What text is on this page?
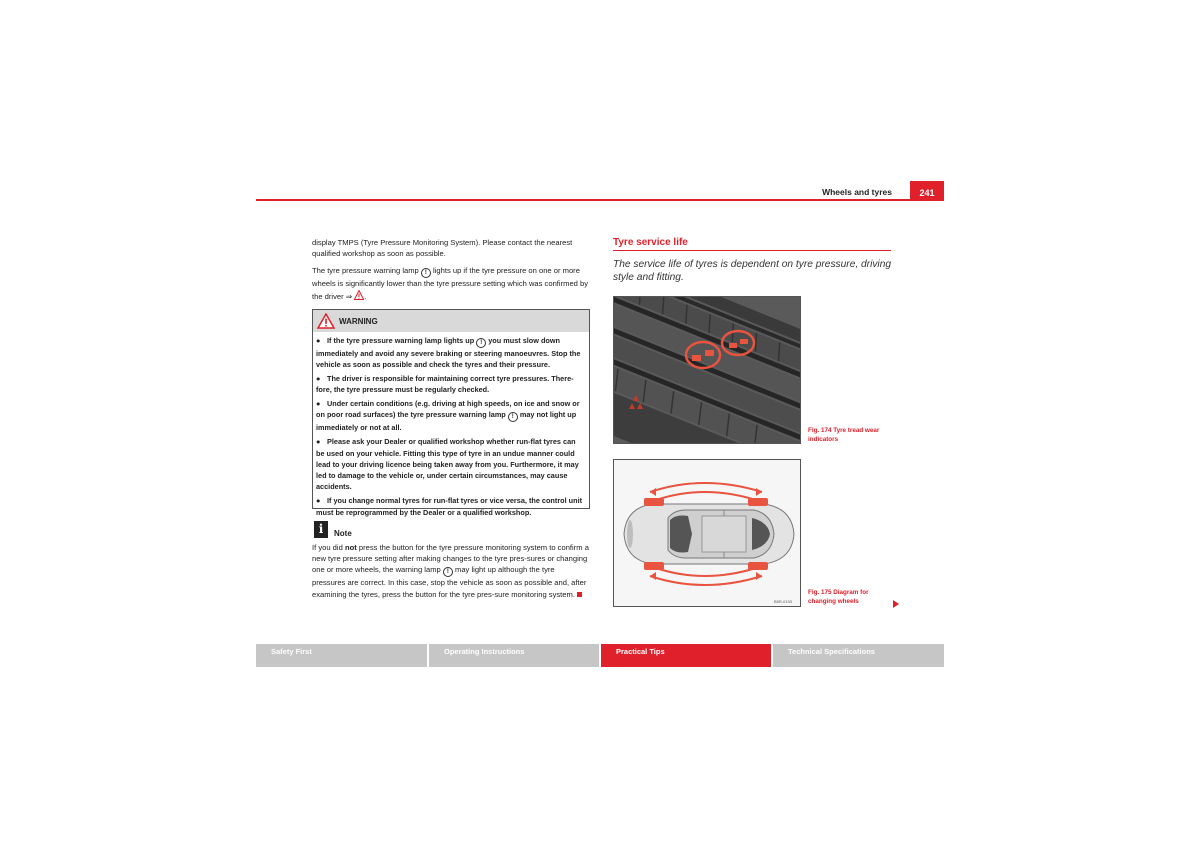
Wheels and tyres	241

display TMPS (Tyre Pressure Monitoring System). Please contact the nearest qualified workshop as soon as possible.

The tyre pressure warning lamp ! lights up if the tyre pressure on one or more wheels is significantly lower than the tyre pressure setting which was confirmed by the driver ⇒ .

WARNING
● If the tyre pressure warning lamp lights up ! you must slow down immediately and avoid any severe braking or steering manoeuvres. Stop the vehicle as soon as possible and check the tyres and their pressure.
● The driver is responsible for maintaining correct tyre pressures. There-fore, the tyre pressure must be regularly checked.
● Under certain conditions (e.g. driving at high speeds, on ice and snow or on poor road surfaces) the tyre pressure warning lamp ! may not light up immediately or not at all.
● Please ask your Dealer or qualified workshop whether run-flat tyres can be used on your vehicle. Fitting this type of tyre in an undue manner could lead to your driving licence being taken away from you. Furthermore, it may led to damage to the vehicle or, under certain circumstances, may cause accidents.
● If you change normal tyres for run-flat tyres or vice versa, the control unit must be reprogrammed by the Dealer or a qualified workshop.
i	Note
If you did not press the button for the tyre pressure monitoring system to confirm a new tyre pressure setting after making changes to the tyre pres-sures or changing one or more wheels, the warning lamp ! may light up although the tyre pressures are correct. In this case, stop the vehicle as soon as possible and, after examining the tyres, press the button for the tyre pres-sure monitoring system.
Tyre service life
The service life of tyres is dependent on tyre pressure, driving style and fitting.
B5P-0036
Fig. 174 Tyre tread wear indicators
B5R-0193
Fig. 175 Diagram for changing wheels
Safety First	Operating Instructions	Practical Tips	Technical Specifications
